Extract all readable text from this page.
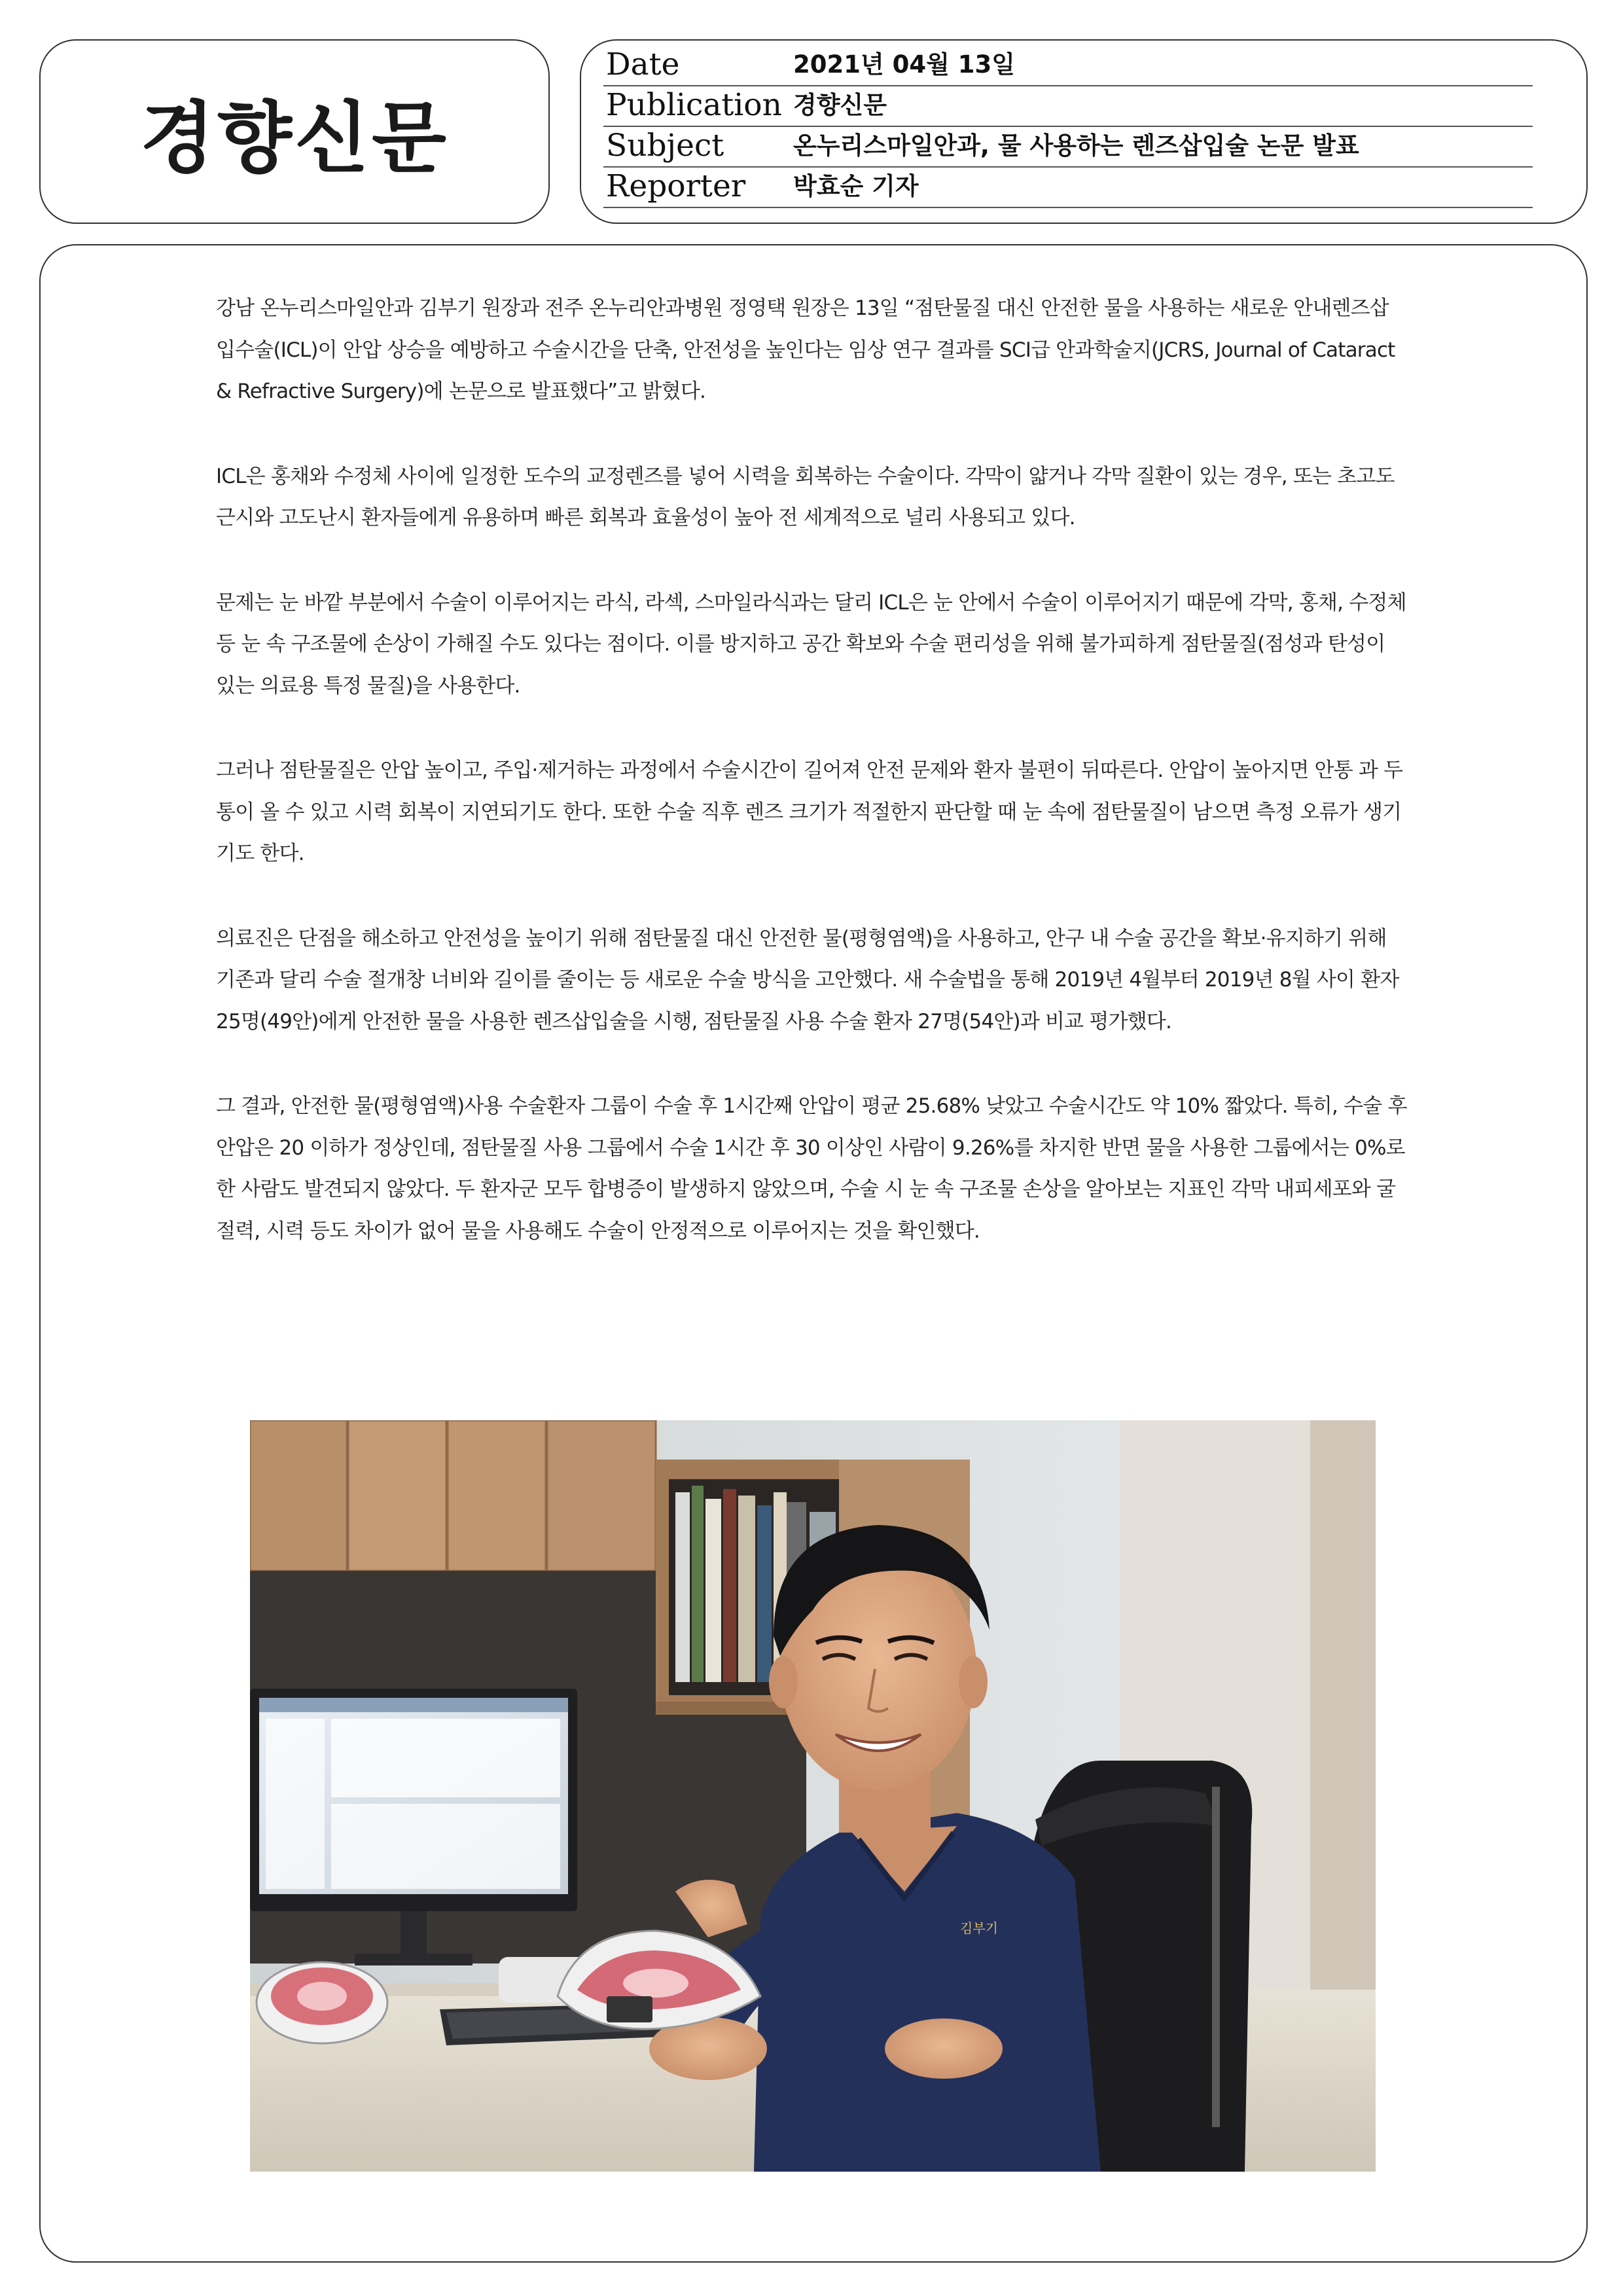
경향신문
Date	2021년 04월 13일
Publication 경향신문
Subject	온누리스마일안과, 물 사용하는 렌즈삽입술 논문 발표
Reporter 박효순 기자

강남 온누리스마일안과 김부기 원장과 전주 온누리안과병원 정영택 원장은 13일 “점탄물질 대신 안전한 물을 사용하는 새로운 안내렌즈삽입수술(ICL)이 안압 상승을 예방하고 수술시간을 단축, 안전성을 높인다는 임상 연구 결과를 SCI급 안과학술지(JCRS, Journal of Cataract & Refractive Surgery)에 논문으로 발표했다”고 밝혔다.

ICL은 홍채와 수정체 사이에 일정한 도수의 교정렌즈를 넣어 시력을 회복하는 수술이다. 각막이 얇거나 각막 질환이 있는 경우, 또는 초고도근시와 고도난시 환자들에게 유용하며 빠른 회복과 효율성이 높아 전 세계적으로 널리 사용되고 있다.

문제는 눈 바깥 부분에서 수술이 이루어지는 라식, 라섹, 스마일라식과는 달리 ICL은 눈 안에서 수술이 이루어지기 때문에 각막, 홍채, 수정체 등 눈 속 구조물에 손상이 가해질 수도 있다는 점이다. 이를 방지하고 공간 확보와 수술 편리성을 위해 불가피하게 점탄물질(점성과 탄성이 있는 의료용 특정 물질)을 사용한다.

그러나 점탄물질은 안압 높이고, 주입·제거하는 과정에서 수술시간이 길어져 안전 문제와 환자 불편이 뒤따른다. 안압이 높아지면 안통 과 두통이 올 수 있고 시력 회복이 지연되기도 한다. 또한 수술 직후 렌즈 크기가 적절한지 판단할 때 눈 속에 점탄물질이 남으면 측정 오류가 생기기도 한다.

의료진은 단점을 해소하고 안전성을 높이기 위해 점탄물질 대신 안전한 물(평형염액)을 사용하고, 안구 내 수술 공간을 확보·유지하기 위해 기존과 달리 수술 절개창 너비와 길이를 줄이는 등 새로운 수술 방식을 고안했다. 새 수술법을 통해 2019년 4월부터 2019년 8월 사이 환자 25명(49안)에게 안전한 물을 사용한 렌즈삽입술을 시행, 점탄물질 사용 수술 환자 27명(54안)과 비교 평가했다.

그 결과, 안전한 물(평형염액)사용 수술환자 그룹이 수술 후 1시간째 안압이 평균 25.68% 낮았고 수술시간도 약 10% 짧았다. 특히, 수술 후 안압은 20 이하가 정상인데, 점탄물질 사용 그룹에서 수술 1시간 후 30 이상인 사람이 9.26%를 차지한 반면 물을 사용한 그룹에서는 0%로 한 사람도 발견되지 않았다. 두 환자군 모두 합병증이 발생하지 않았으며, 수술 시 눈 속 구조물 손상을 알아보는 지표인 각막 내피세포와 굴절력, 시력 등도 차이가 없어 물을 사용해도 수술이 안정적으로 이루어지는 것을 확인했다.

김부기
